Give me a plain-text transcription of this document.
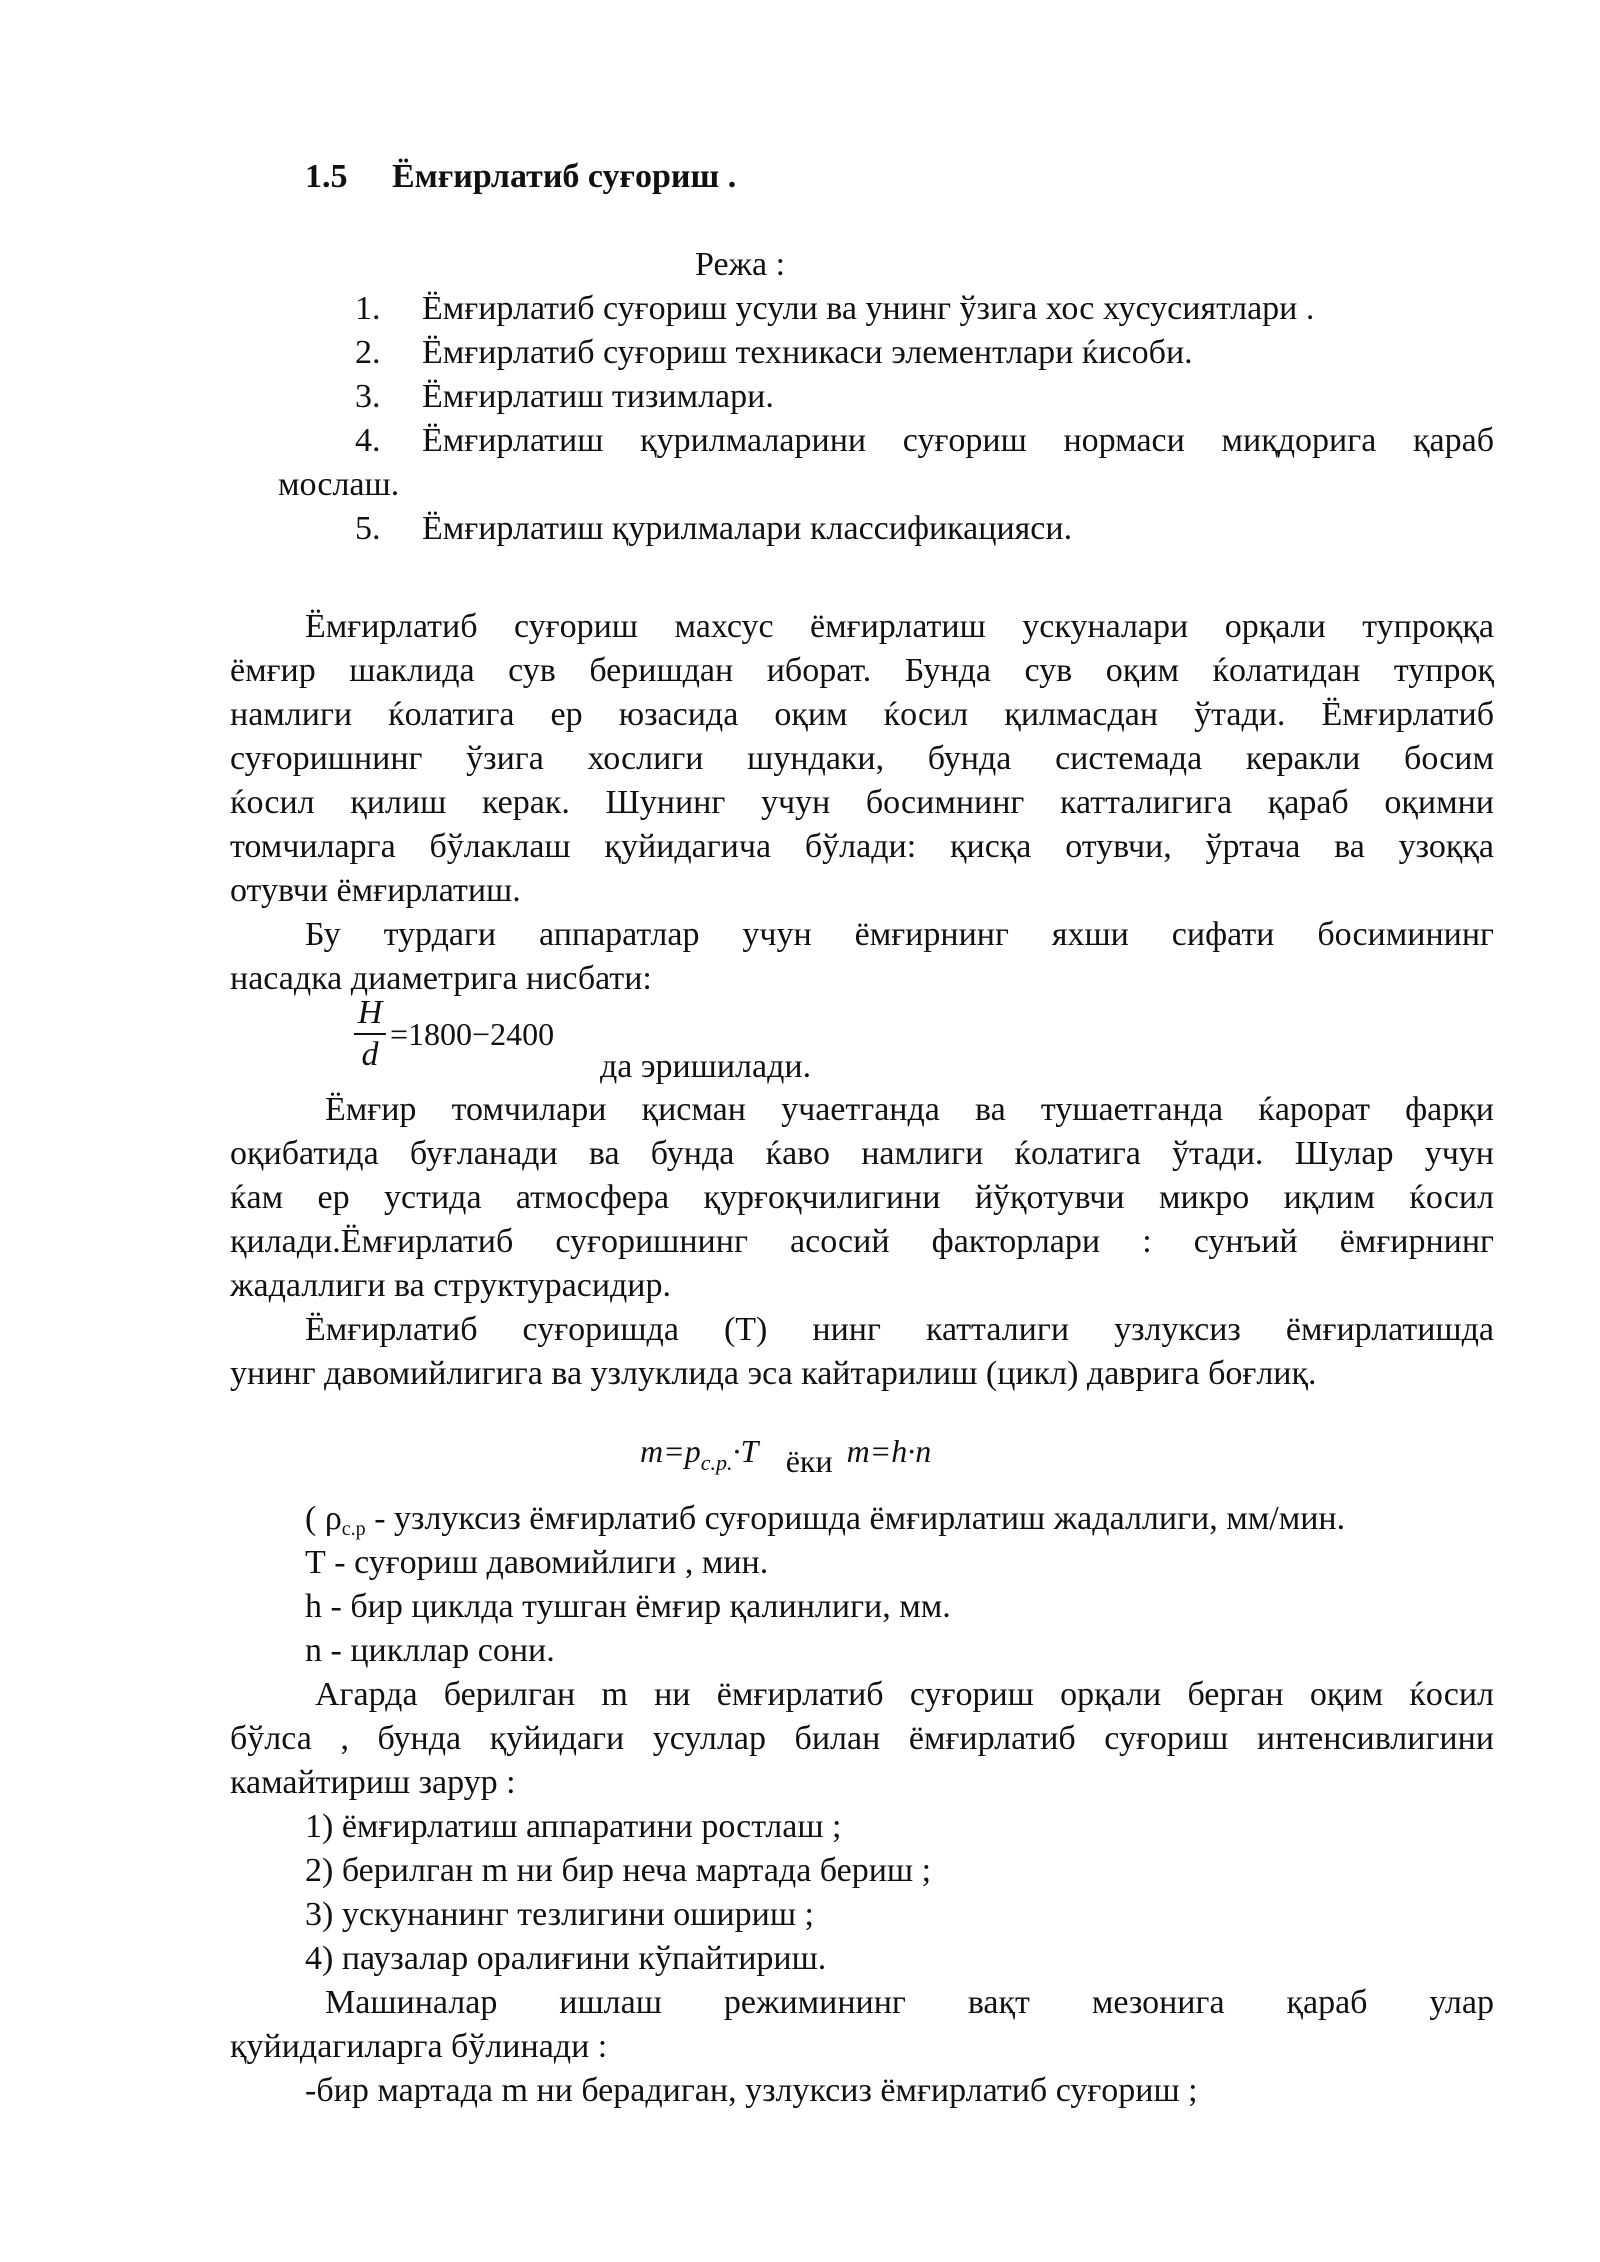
1.5 Ёмғирлатиб суғориш .
Режа :
1. Ёмғирлатиб суғориш усули ва унинг ўзига хос хусусиятлари .
2. Ёмғирлатиб суғориш техникаси элементлари ќисоби.
3. Ёмғирлатиш тизимлари.
4. Ёмғирлатиш қурилмаларини суғориш нормаси миқдорига қараб
мослаш.
5. Ёмғирлатиш қурилмалари классификацияси.
Ёмғирлатиб суғориш махсус ёмғирлатиш ускуналари орқали тупроққа
ёмғир шаклида сув беришдан иборат. Бунда сув оқим ќолатидан тупроқ
намлиги ќолатига ер юзасида оқим ќосил қилмасдан ўтади. Ёмғирлатиб
суғоришнинг ўзига хослиги шундаки, бунда системада керакли босим
ќосил қилиш керак. Шунинг учун босимнинг катталигига қараб оқимни
томчиларга бўлаклаш қуйидагича бўлади: қисқа отувчи, ўртача ва узоққа
отувчи ёмғирлатиш.
Бу турдаги аппаратлар учун ёмғирнинг яхши сифати босимининг
насадка диаметрига нисбати:
H
d
=1800−2400
да эришилади.
Ёмғир томчилари қисман учаетганда ва тушаетганда ќарорат фарқи
оқибатида буғланади ва бунда ќаво намлиги ќолатига ўтади. Шулар учун
ќам ер устида атмосфера қурғоқчилигини йўқотувчи микро иқлим ќосил
қилади.Ёмғирлатиб суғоришнинг асосий факторлари : сунъий ёмғирнинг
жадаллиги ва структурасидир.
Ёмғирлатиб суғоришда (Т) нинг катталиги узлуксиз ёмғирлатишда
унинг давомийлигига ва узлуклида эса кайтарилиш (цикл) даврига боғлиқ.
$m=p_{c.p.}\cdot T$ ёки m=h·n
( ρc.p - узлуксиз ёмғирлатиб суғоришда ёмғирлатиш жадаллиги, мм/мин.
Т - суғориш давомийлиги , мин.
h - бир циклда тушган ёмғир қалинлиги, мм.
n - цикллар сони.
Агарда берилган m ни ёмғирлатиб суғориш орқали берган оқим ќосил
бўлса , бунда қуйидаги усуллар билан ёмғирлатиб суғориш интенсивлигини
камайтириш зарур :
1) ёмғирлатиш аппаратини ростлаш ;
2) берилган m ни бир неча мартада бериш ;
3) ускунанинг тезлигини ошириш ;
4) паузалар оралиғини кўпайтириш.
Машиналар ишлаш режимининг вақт мезонига қараб улар
қуйидагиларга бўлинади :
-бир мартада m ни берадиган, узлуксиз ёмғирлатиб суғориш ;
